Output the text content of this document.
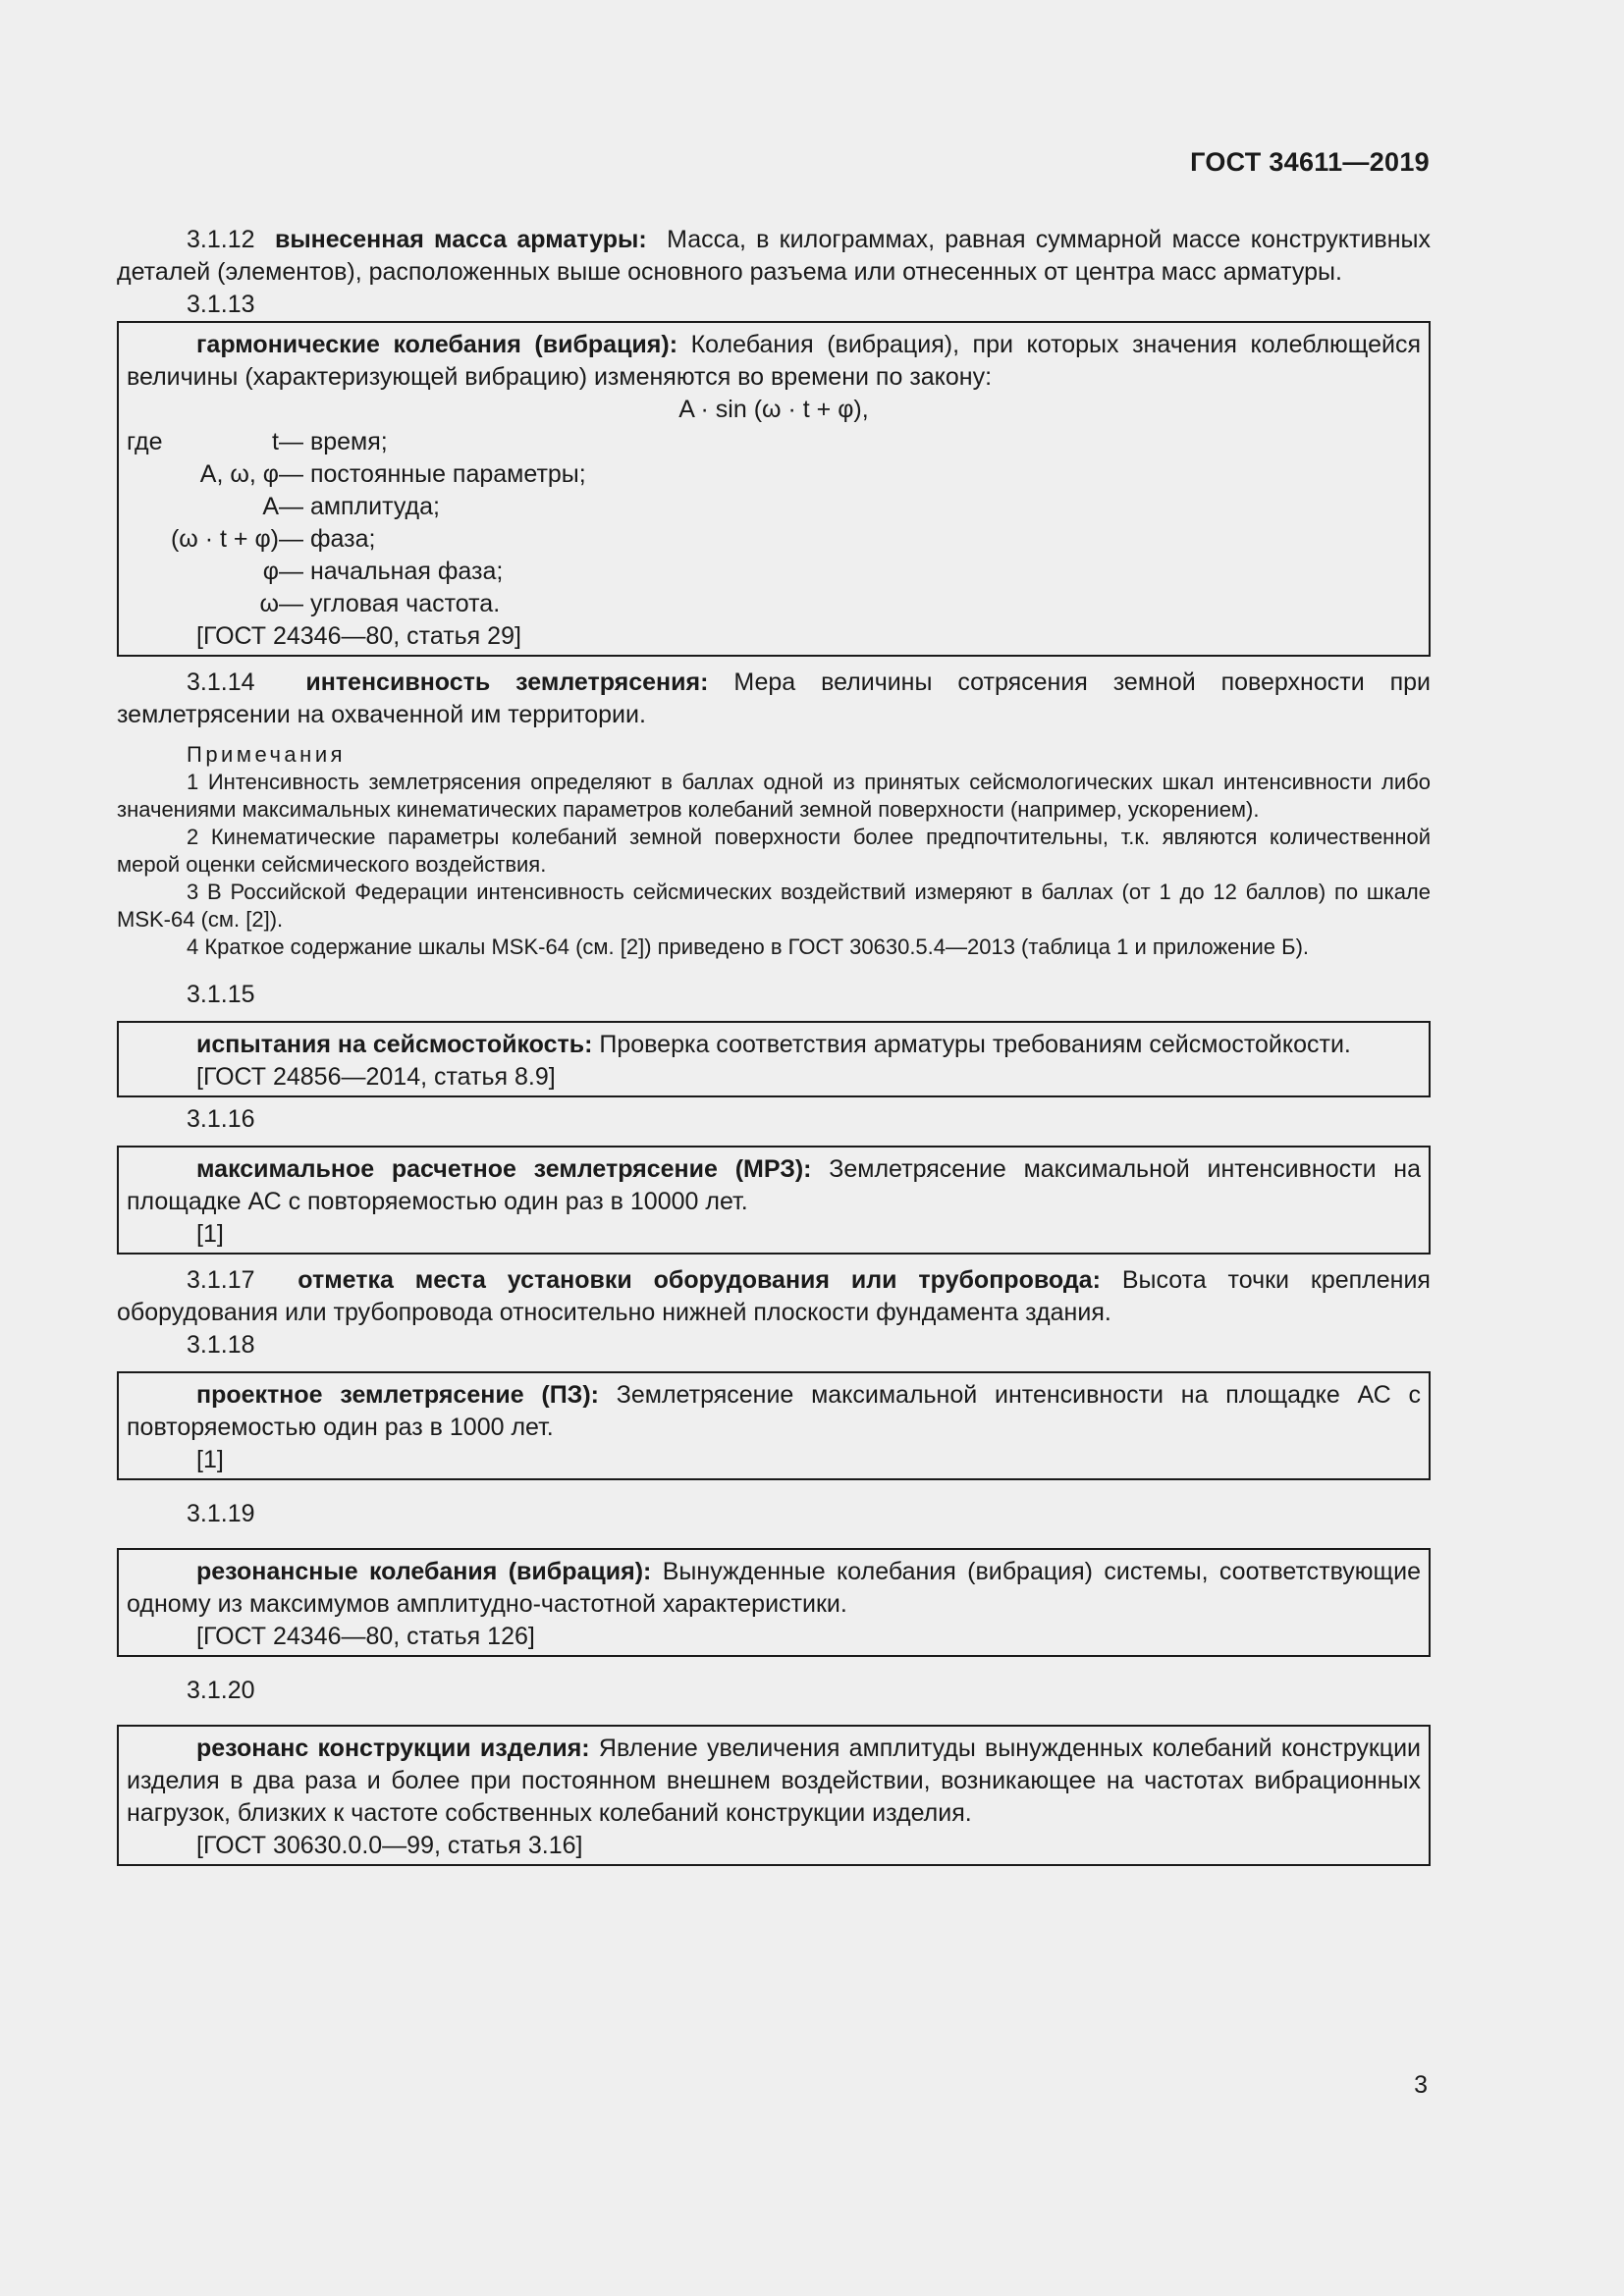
ГОСТ 34611—2019

3.1.12 вынесенная масса арматуры: Масса, в килограммах, равная суммарной массе конструктивных деталей (элементов), расположенных выше основного разъема или отнесенных от центра масс арматуры.

3.1.13

гармонические колебания (вибрация): Колебания (вибрация), при которых значения колеблющейся величины (характеризующей вибрацию) изменяются во времени по закону:

A · sin (ω · t + φ),

где	t — время;
A, ω, φ — постоянные параметры;
A — амплитуда;
(ω · t + φ) — фаза;
φ — начальная фаза;
ω — угловая частота.

[ГОСТ 24346—80, статья 29]

3.1.14 интенсивность землетрясения: Мера величины сотрясения земной поверхности при землетрясении на охваченной им территории.

Примечания

1 Интенсивность землетрясения определяют в баллах одной из принятых сейсмологических шкал интенсивности либо значениями максимальных кинематических параметров колебаний земной поверхности (например, ускорением).

2 Кинематические параметры колебаний земной поверхности более предпочтительны, т.к. являются количественной мерой оценки сейсмического воздействия.

3 В Российской Федерации интенсивность сейсмических воздействий измеряют в баллах (от 1 до 12 баллов) по шкале MSK-64 (см. [2]).

4 Краткое содержание шкалы MSK-64 (см. [2]) приведено в ГОСТ 30630.5.4—2013 (таблица 1 и приложение Б).

3.1.15

испытания на сейсмостойкость: Проверка соответствия арматуры требованиям сейсмостойкости.

[ГОСТ 24856—2014, статья 8.9]

3.1.16

максимальное расчетное землетрясение (МРЗ): Землетрясение максимальной интенсивности на площадке АС с повторяемостью один раз в 10000 лет.

[1]

3.1.17 отметка места установки оборудования или трубопровода: Высота точки крепления оборудования или трубопровода относительно нижней плоскости фундамента здания.

3.1.18

проектное землетрясение (ПЗ): Землетрясение максимальной интенсивности на площадке АС с повторяемостью один раз в 1000 лет.

[1]

3.1.19

резонансные колебания (вибрация): Вынужденные колебания (вибрация) системы, соответствующие одному из максимумов амплитудно-частотной характеристики.

[ГОСТ 24346—80, статья 126]

3.1.20

резонанс конструкции изделия: Явление увеличения амплитуды вынужденных колебаний конструкции изделия в два раза и более при постоянном внешнем воздействии, возникающее на частотах вибрационных нагрузок, близких к частоте собственных колебаний конструкции изделия.

[ГОСТ 30630.0.0—99, статья 3.16]

3
